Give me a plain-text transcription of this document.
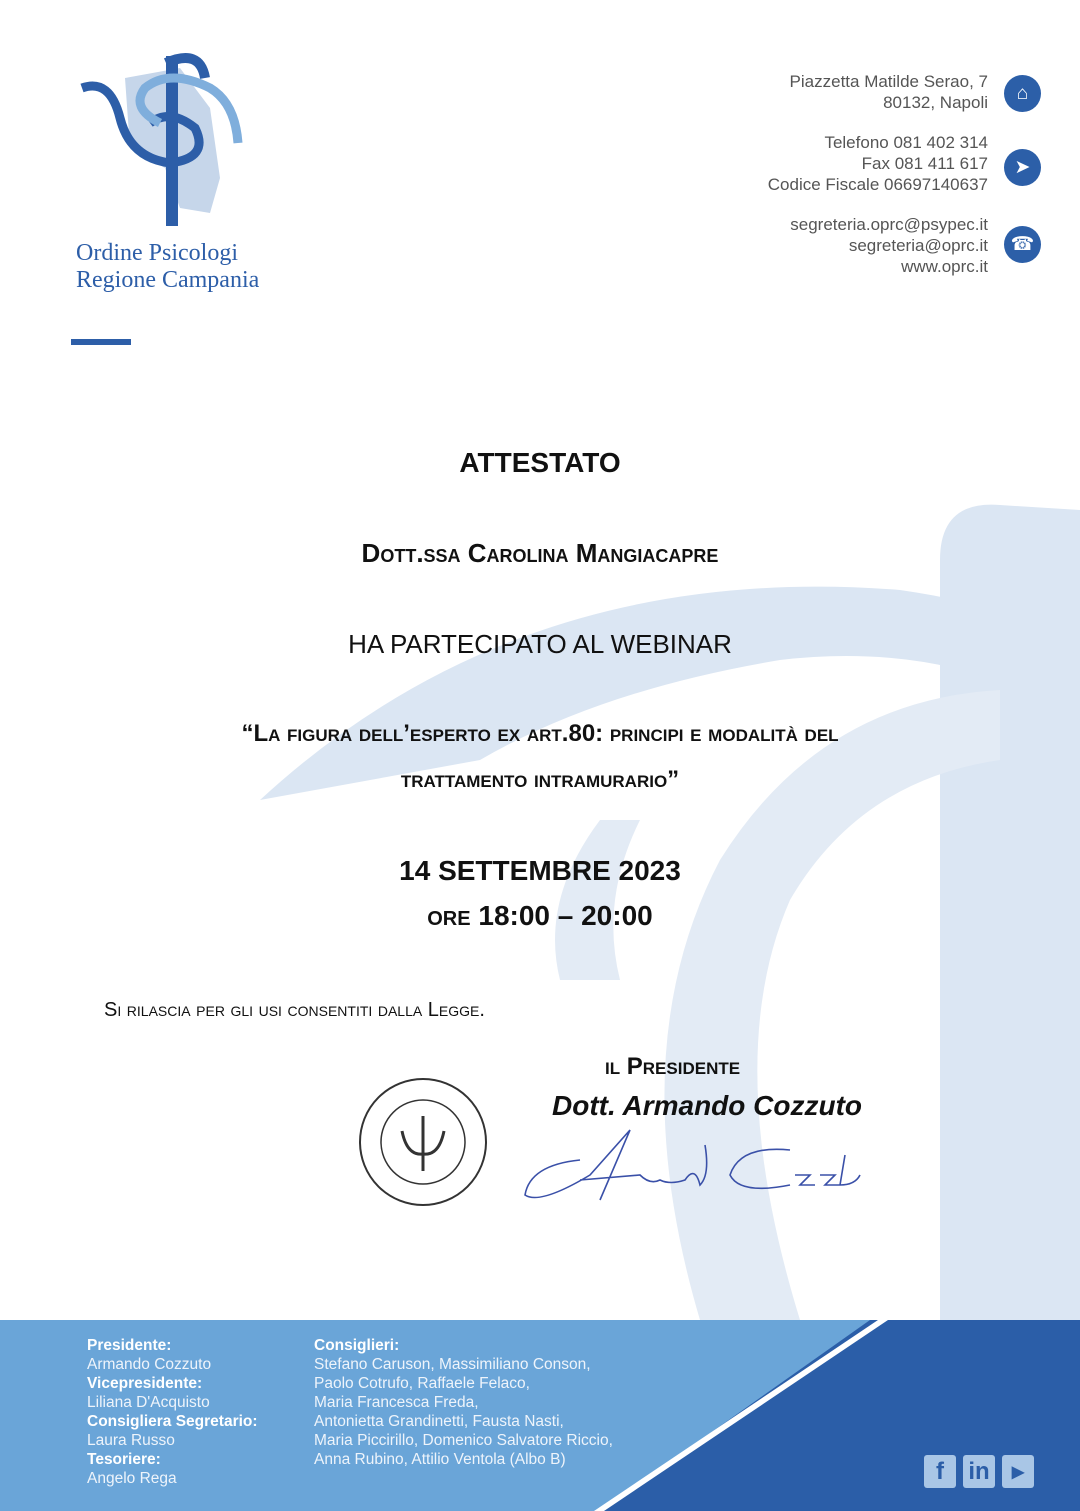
Ordine Psicologi
Regione Campania
Piazzetta Matilde Serao, 7
80132, Napoli	⌂
Telefono 081 402 314
Fax 081 411 617
Codice Fiscale 06697140637
➤
segreteria.oprc@psypec.it
segreteria@oprc.it
www.oprc.it
☎
ATTESTATO
Dott.ssa Carolina Mangiacapre
HA PARTECIPATO AL WEBINAR
“La figura dell’esperto ex art.80: principi e modalità del
trattamento intramurario”
14 SETTEMBRE 2023
ore 18:00 – 20:00
Si rilascia per gli usi consentiti dalla Legge.
il Presidente
Dott. Armando Cozzuto
Presidente:
Armando Cozzuto
Vicepresidente:
Liliana D'Acquisto
Consigliera Segretario:
Laura Russo
Tesoriere:
Angelo Rega
Consiglieri:
Stefano Caruson, Massimiliano Conson,
Paolo Cotrufo, Raffaele Felaco,
Maria Francesca Freda,
Antonietta Grandinetti, Fausta Nasti,
Maria Piccirillo, Domenico Salvatore Riccio,
Anna Rubino, Attilio Ventola (Albo B)	f	in	▶
